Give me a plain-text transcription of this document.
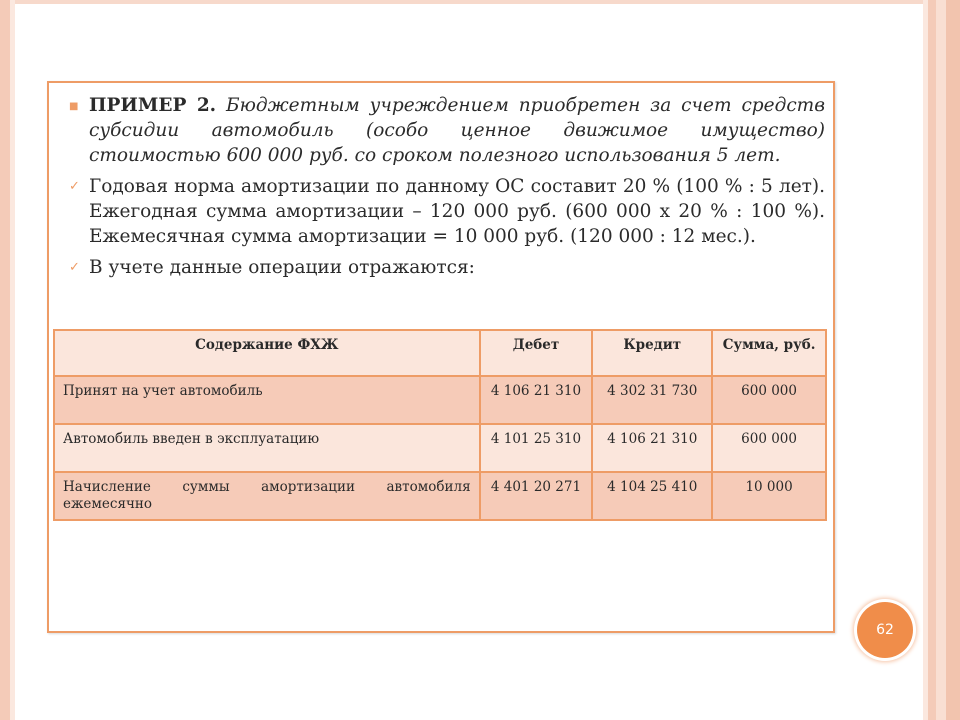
■ ПРИМЕР 2. Бюджетным учреждением приобретен за счет средств субсидии автомобиль (особо ценное движимое имущество) стоимостью 600 000 руб. со сроком полезного использования 5 лет.
✓ Годовая норма амортизации по данному ОС составит 20 % (100 % : 5 лет). Ежегодная сумма амортизации – 120 000 руб. (600 000 х 20 % : 100 %). Ежемесячная сумма амортизации = 10 000 руб. (120 000 : 12 мес.).
✓ В учете данные операции отражаются:
Содержание ФХЖ	Дебет	Кредит	Сумма, руб.
Принят на учет автомобиль	4 106 21 310	4 302 31 730	600 000
Автомобиль введен в эксплуатацию	4 101 25 310	4 106 21 310	600 000
Начисление суммы амортизации автомобиля ежемесячно	4 401 20 271	4 104 25 410	10 000
62
